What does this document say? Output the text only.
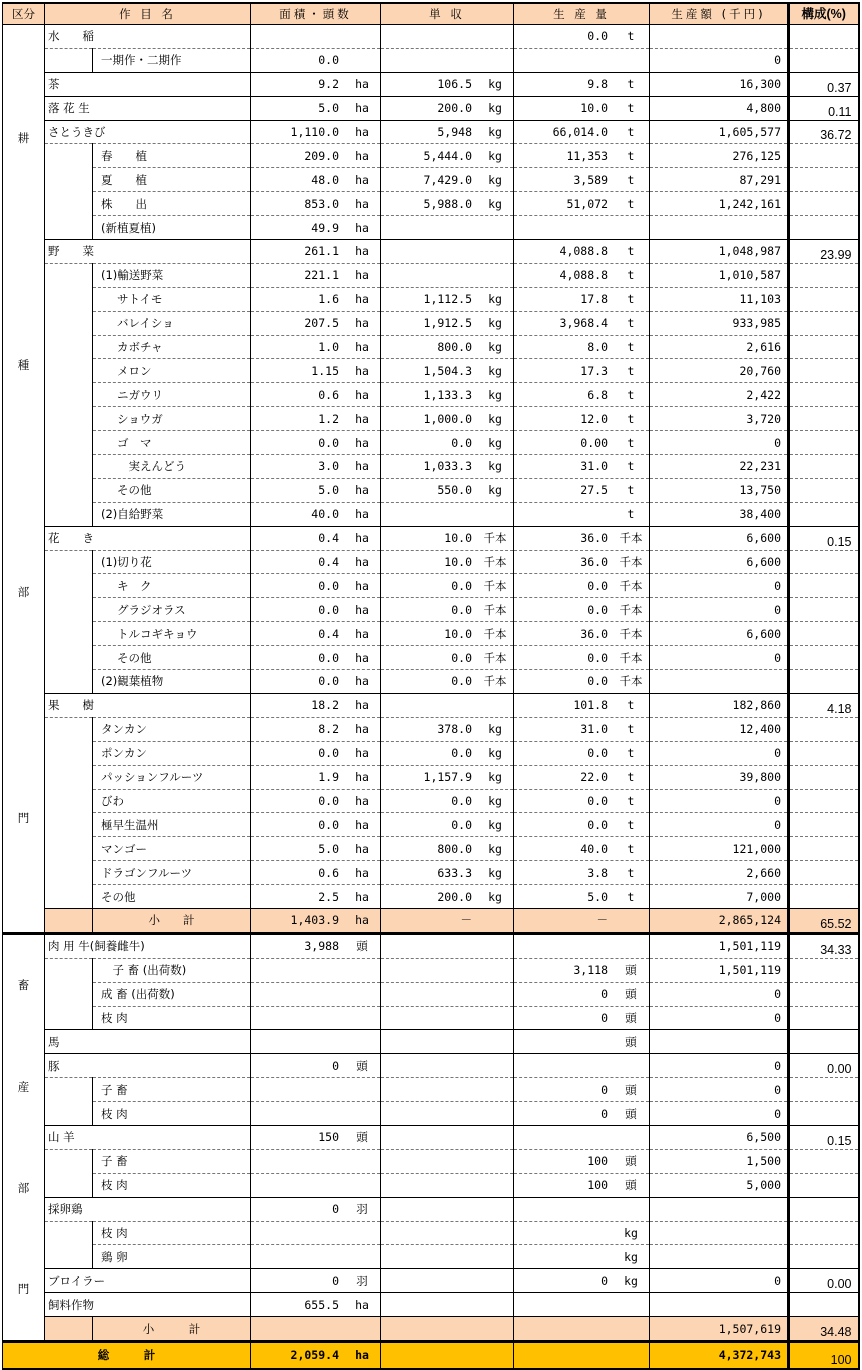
区分	作 目 名		面積・頭数	単 収	生 産 量	生産額 (千円)	構成(%)

耕
種
部
門	水　　稲				0.0 t		

		一期作・二期作	0.0			0	
	茶		9.2 ha	106.5 kg	9.8 t	16,300	0.37
	落 花 生		5.0 ha	200.0 kg	10.0 t	4,800	0.11
	さとうきび		1,110.0 ha	5,948 kg	66,014.0 t	1,605,577	36.72
		春　　植	209.0 ha	5,444.0 kg	11,353 t	276,125	
		夏　　植	48.0 ha	7,429.0 kg	3,589 t	87,291	
		株　　出	853.0 ha	5,988.0 kg	51,072 t	1,242,161	
		(新植夏植)	49.9 ha				

	野　　菜		261.1 ha		4,088.8 t	1,048,987	23.99
		(1)輸送野菜	221.1 ha		4,088.8 t	1,010,587	
		サトイモ	1.6 ha	1,112.5 kg	17.8 t	11,103	
		バレイショ	207.5 ha	1,912.5 kg	3,968.4 t	933,985	
		カボチャ	1.0 ha	800.0 kg	8.0 t	2,616	
		メロン	1.15 ha	1,504.3 kg	17.3 t	20,760	
		ニガウリ	0.6 ha	1,133.3 kg	6.8 t	2,422	
		ショウガ	1.2 ha	1,000.0 kg	12.0 t	3,720	
		ゴ　マ	0.0 ha	0.0 kg	0.00 t	0	
		　実えんどう	3.0 ha	1,033.3 kg	31.0 t	22,231	
		その他	5.0 ha	550.0 kg	27.5 t	13,750	
		(2)自給野菜	40.0 ha		t	38,400	
	花　　き		0.4 ha	10.0 千本	36.0 千本	6,600	0.15
		(1)切り花	0.4 ha	10.0 千本	36.0 千本	6,600	
		キ　ク	0.0 ha	0.0 千本	0.0 千本	0	
		グラジオラス	0.0 ha	0.0 千本	0.0 千本	0	
		トルコギキョウ	0.4 ha	10.0 千本	36.0 千本	6,600	
		その他	0.0 ha	0.0 千本	0.0 千本	0	
		(2)観葉植物	0.0 ha	0.0 千本	0.0 千本		

	果　　樹		18.2 ha		101.8 t	182,860	4.18
		タンカン	8.2 ha	378.0 kg	31.0 t	12,400	
		ポンカン	0.0 ha	0.0 kg	0.0 t	0	
		パッションフルーツ	1.9 ha	1,157.9 kg	22.0 t	39,800	
		びわ	0.0 ha	0.0 kg	0.0 t	0	
		極早生温州	0.0 ha	0.0 kg	0.0 t	0	
		マンゴー	5.0 ha	800.0 kg	40.0 t	121,000	
		ドラゴンフルーツ	0.6 ha	633.3 kg	3.8 t	2,660	
		その他	2.5 ha	200.0 kg	5.0 t	7,000	
		小　　計	1,403.9 ha	－	－	2,865,124	65.52

畜
産
部
門	肉 用 牛(飼養雌牛)		3,988 頭			1,501,119	34.33
		　子 畜 (出荷数)			3,118 頭	1,501,119	
		成 畜 (出荷数)			0 頭	0	
		枝 肉			0 頭	0	
	馬				頭		

	豚		0 頭			0	0.00
		子 畜			0 頭	0	
		枝 肉			0 頭	0	
	山 羊		150 頭			6,500	0.15
		子 畜			100 頭	1,500	
		枝 肉			100 頭	5,000	
	採卵鶏		0 羽				

		枝 肉			kg		

		鶏 卵			kg		

	ブロイラー		0 羽		0 kg	0	0.00
	飼料作物		655.5 ha				

		小　　　計				1,507,619	34.48
総　　　計			2,059.4 ha			4,372,743	100
